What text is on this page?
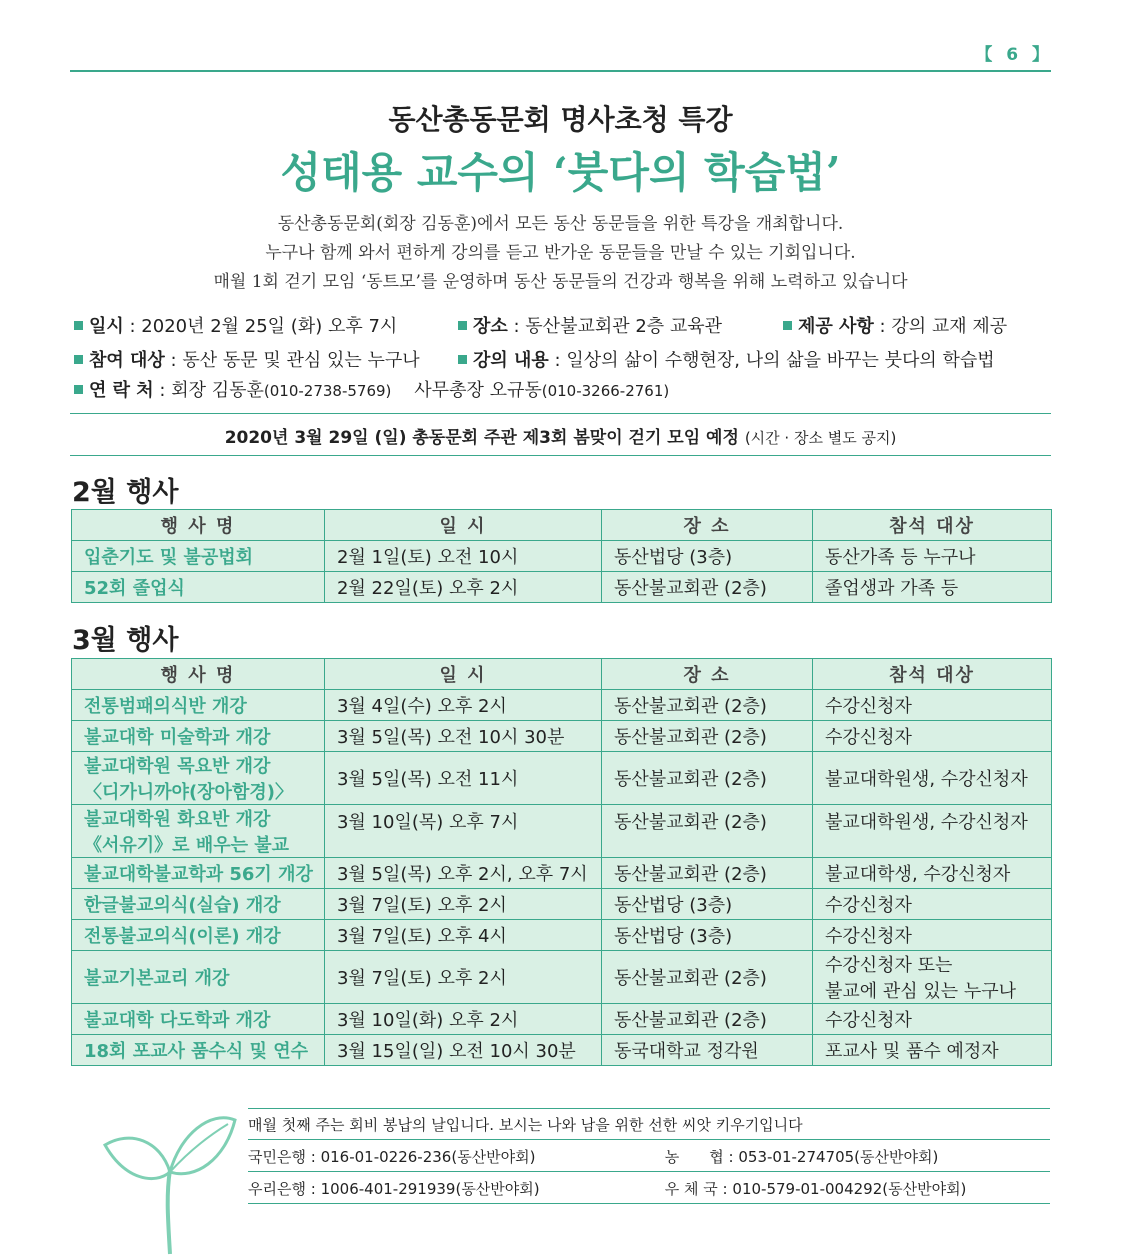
【 6 】
동산총동문회 명사초청 특강
성태용 교수의 ‘붓다의 학습법’
동산총동문회(회장 김동훈)에서 모든 동산 동문들을 위한 특강을 개최합니다.
누구나 함께 와서 편하게 강의를 듣고 반가운 동문들을 만날 수 있는 기회입니다.
매월 1회 걷기 모임 ‘동트모’를 운영하며 동산 동문들의 건강과 행복을 위해 노력하고 있습니다
일시 : 2020년 2월 25일 (화) 오후 7시	장소 : 동산불교회관 2층 교육관	제공 사항 : 강의 교재 제공
참여 대상 : 동산 동문 및 관심 있는 누구나	강의 내용 : 일상의 삶이 수행현장, 나의 삶을 바꾸는 붓다의 학습법
연 락 처 : 회장 김동훈(010-2738-5769) 사무총장 오규동(010-3266-2761)
2020년 3월 29일 (일) 총동문회 주관 제3회 봄맞이 걷기 모임 예정 (시간 · 장소 별도 공지)
2월 행사
행 사 명	일 시	장 소	참석 대상
입춘기도 및 불공법회	2월 1일(토) 오전 10시	동산법당 (3층)	동산가족 등 누구나
52회 졸업식	2월 22일(토) 오후 2시	동산불교회관 (2층)	졸업생과 가족 등
3월 행사
행 사 명	일 시	장 소	참석 대상
전통범패의식반 개강	3월 4일(수) 오후 2시	동산불교회관 (2층)	수강신청자
불교대학 미술학과 개강	3월 5일(목) 오전 10시 30분	동산불교회관 (2층)	수강신청자

불교대학원 목요반 개강
〈디가니까야(장아함경)〉	3월 5일(목) 오전 11시	동산불교회관 (2층)	불교대학원생, 수강신청자

불교대학원 화요반 개강
《서유기》로 배우는 불교	3월 10일(목) 오후 7시	동산불교회관 (2층)	불교대학원생, 수강신청자
불교대학불교학과 56기 개강	3월 5일(목) 오후 2시, 오후 7시	동산불교회관 (2층)	불교대학생, 수강신청자
한글불교의식(실습) 개강	3월 7일(토) 오후 2시	동산법당 (3층)	수강신청자
전통불교의식(이론) 개강	3월 7일(토) 오후 4시	동산법당 (3층)	수강신청자
불교기본교리 개강	3월 7일(토) 오후 2시	동산불교회관 (2층)	수강신청자 또는
불교에 관심 있는 누구나

불교대학 다도학과 개강	3월 10일(화) 오후 2시	동산불교회관 (2층)	수강신청자
18회 포교사 품수식 및 연수	3월 15일(일) 오전 10시 30분	동국대학교 정각원	포교사 및 품수 예정자
매월 첫째 주는 회비 봉납의 날입니다. 보시는 나와 남을 위한 선한 씨앗 키우기입니다
국민은행 : 016-01-0226-236(동산반야회)	농　　협 : 053-01-274705(동산반야회)
우리은행 : 1006-401-291939(동산반야회)	우 체 국 : 010-579-01-004292(동산반야회)
